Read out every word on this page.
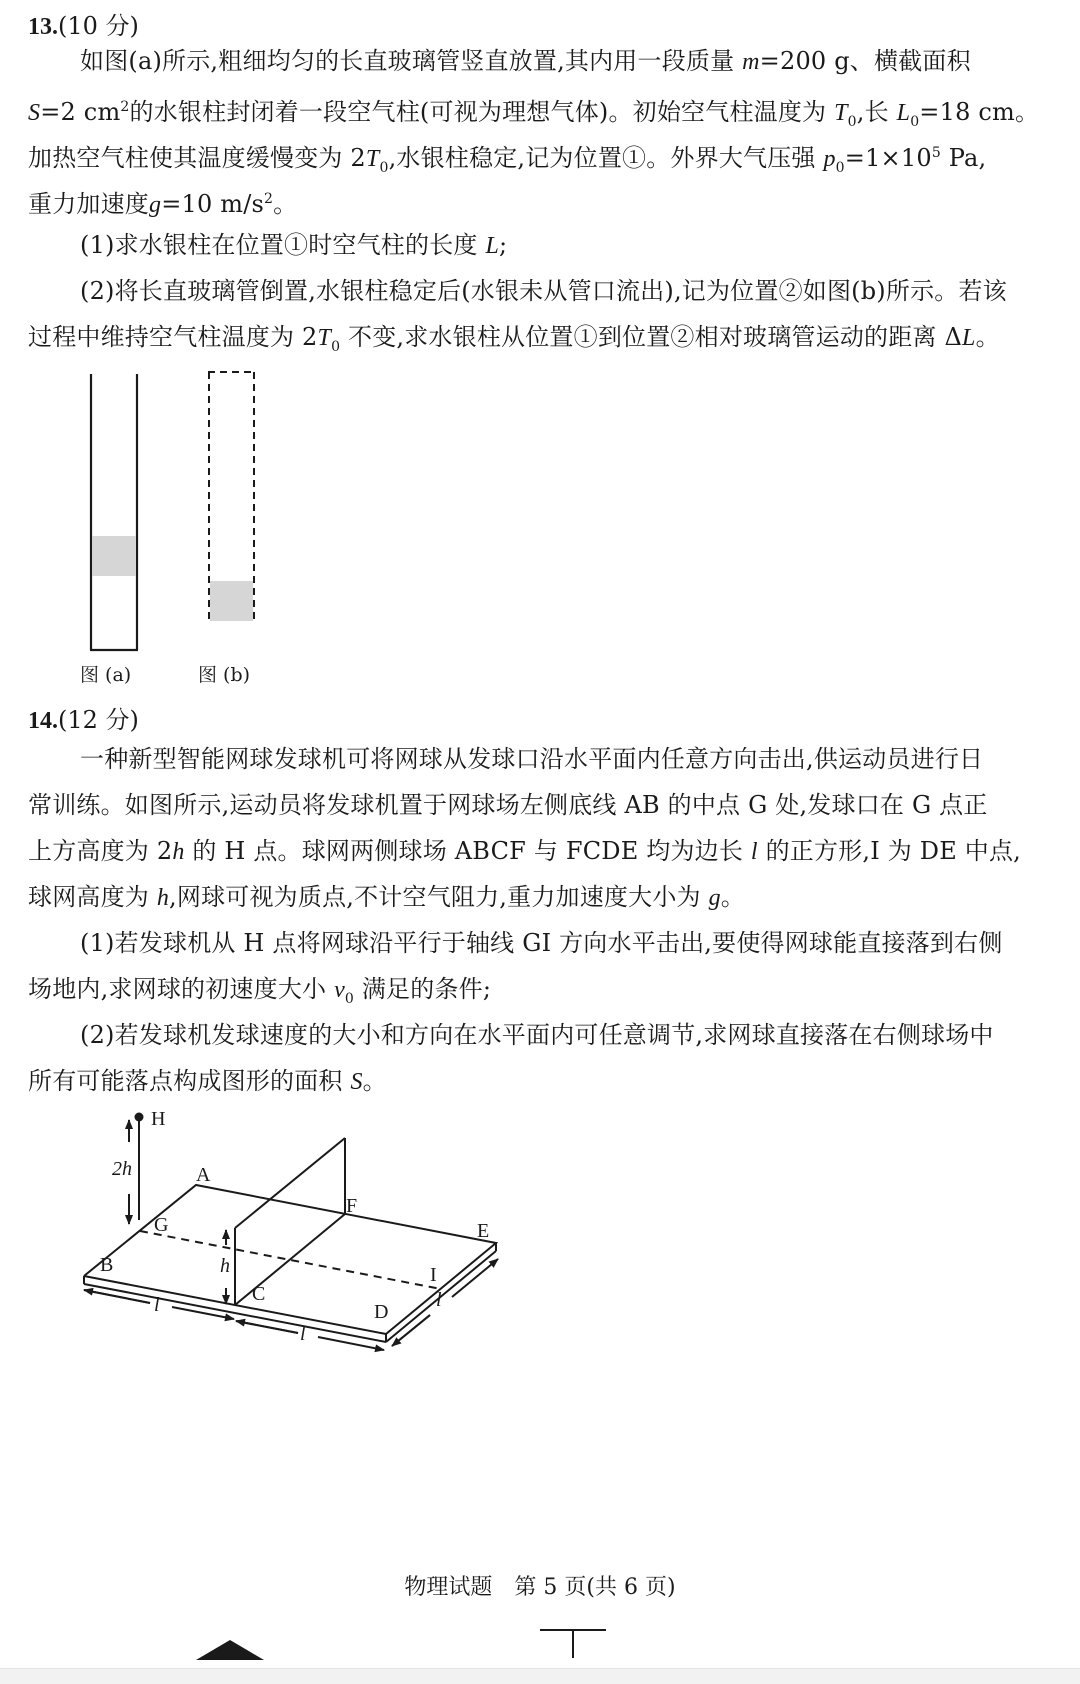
13.(10 分)
如图(a)所示,粗细均匀的长直玻璃管竖直放置,其内用一段质量 m=200 g、横截面积
S=2 $cm^2$的水银柱封闭着一段空气柱(可视为理想气体)。初始空气柱温度为 $T_0$,长 $L_0=18$ cm。
加热空气柱使其温度缓慢变为 $2T_0$,水银柱稳定,记为位置①。外界大气压强 $p_0=1\times 10^5$ Pa,
重力加速度g=10 $m/s^2$。
(1)求水银柱在位置①时空气柱的长度 L;
(2)将长直玻璃管倒置,水银柱稳定后(水银未从管口流出),记为位置②如图(b)所示。若该
过程中维持空气柱温度为 $2T_0$ 不变,求水银柱从位置①到位置②相对玻璃管运动的距离 ΔL。
图 (a)	图 (b)
14.(12 分)
一种新型智能网球发球机可将网球从发球口沿水平面内任意方向击出,供运动员进行日
常训练。如图所示,运动员将发球机置于网球场左侧底线 AB 的中点 G 处,发球口在 G 点正
上方高度为 2h 的 H 点。球网两侧球场 ABCF 与 FCDE 均为边长 l 的正方形,I 为 DE 中点,
球网高度为 h,网球可视为质点,不计空气阻力,重力加速度大小为 g。
(1)若发球机从 H 点将网球沿平行于轴线 GI 方向水平击出,要使得网球能直接落到右侧
场地内,求网球的初速度大小 $v_0$ 满足的条件;
(2)若发球机发球速度的大小和方向在水平面内可任意调节,求网球直接落在右侧球场中
所有可能落点构成图形的面积 S。
H
2h	A
F
E
G
h
B
C
I
D
l
l
l
物理试题　第 5 页(共 6 页)
